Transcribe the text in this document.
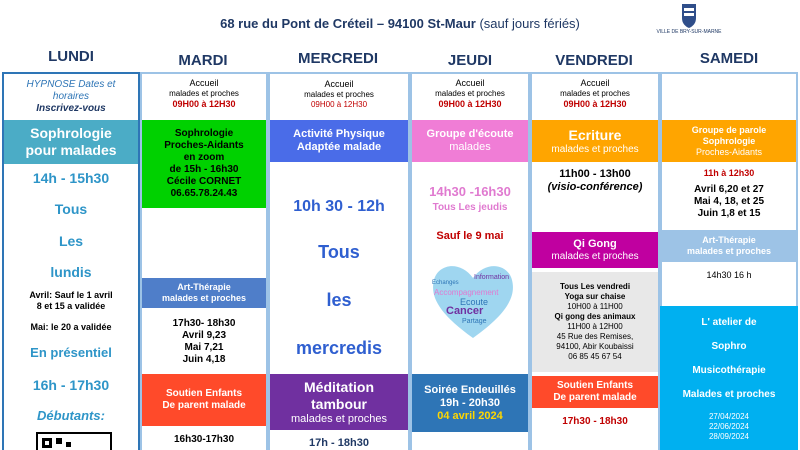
68 rue du Pont de Créteil – 94100 St-Maur (sauf jours fériés)
VILLE DE BRY-SUR-MARNE
LUNDI	MARDI	MERCREDI	JEUDI	VENDREDI	SAMEDI
HYPNOSE Dates et horaires
Inscrivez-vous
Sophrologie
pour malades
14h - 15h30
Tous
Les
lundis
Avril: Sauf le 1 avril
8 et 15 a validée
Mai: le 20 a validée
En présentiel
16h - 17h30
Débutants:
Accueil
malades et proches
09H00 à 12H30
Accueil
malades et proches
09H00 à 12H30
Accueil
malades et proches
09H00 à 12H30
Accueil
malades et proches
09H00 à 12H30
Sophrologie
Proches-Aidants
en zoom
de 15h - 16h30
Cécile CORNET
06.65.78.24.43
Art-Thérapie
malades et proches
17h30- 18h30
Avril 9,23
Mai 7,21
Juin 4,18
Soutien Enfants
De parent malade
16h30-17h30
Activité Physique
Adaptée malade
10h 30 - 12h
Tous
les
mercredis
Méditation
tambour
malades et proches
17h - 18h30
Groupe d'écoute
malades
14h30 -16h30
Tous Les jeudis
Sauf le 9 mai
Echanges
Information
Accompagnement
Ecoute
Cancer
Partage
Soirée Endeuillés
19h - 20h30
04 avril 2024
Ecriture
malades et proches
11h00 - 13h00
(visio-conférence)
Qi Gong
malades et proches
Tous Les vendredi
Yoga sur chaise
10H00 à 11H00
Qi gong des animaux
11H00 à 12H00
45 Rue des Remises,
94100, Abir Koubaissi
06 85 45 67 54
Soutien Enfants
De parent malade
17h30 - 18h30
Groupe de parole
Sophrologie
Proches-Aidants
11h à 12h30
Avril 6,20 et 27
Mai 4, 18, et 25
Juin 1,8 et 15
Art-Thérapie
malades et proches
14h30 16 h
L' atelier de
Sophro
Musicothérapie
Malades et proches
27/04/2024
22/06/2024
28/09/2024
